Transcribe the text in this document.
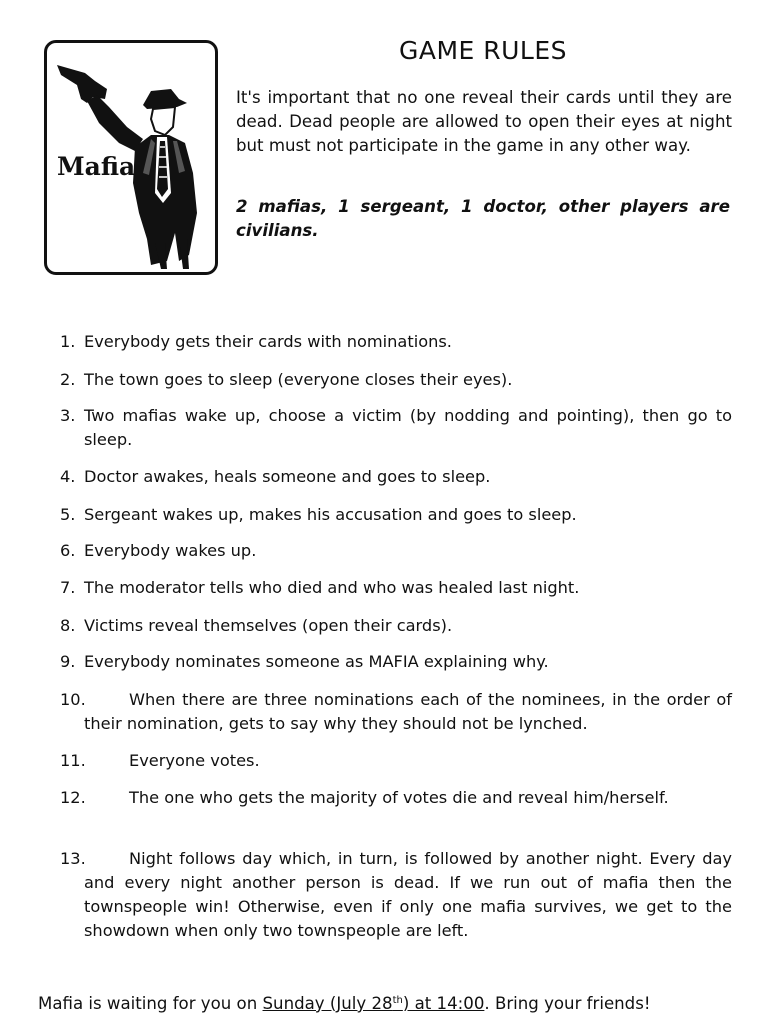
Mafia
GAME RULES

It's important that no one reveal their cards until they are dead. Dead people are allowed to open their eyes at night but must not participate in the game in any other way.

2 mafias, 1 sergeant, 1 doctor, other players are civilians.

1. Everybody gets their cards with nominations.
2. The town goes to sleep (everyone closes their eyes).
3. Two mafias wake up, choose a victim (by nodding and pointing), then go to sleep.
4. Doctor awakes, heals someone and goes to sleep.
5. Sergeant wakes up, makes his accusation and goes to sleep.
6. Everybody wakes up.
7. The moderator tells who died and who was healed last night.
8. Victims reveal themselves (open their cards).
9. Everybody nominates someone as MAFIA explaining why.
10.	When there are three nominations each of the nominees, in the order of their nomination, gets to say why they should not be lynched.
11.	Everyone votes.
12.	The one who gets the majority of votes die and reveal him/herself.
13.	Night follows day which, in turn, is followed by another night. Every day and every night another person is dead. If we run out of mafia then the townspeople win! Otherwise, even if only one mafia survives, we get to the showdown when only two townspeople are left.
Mafia is waiting for you on Sunday (July 28th) at 14:00. Bring your friends!
